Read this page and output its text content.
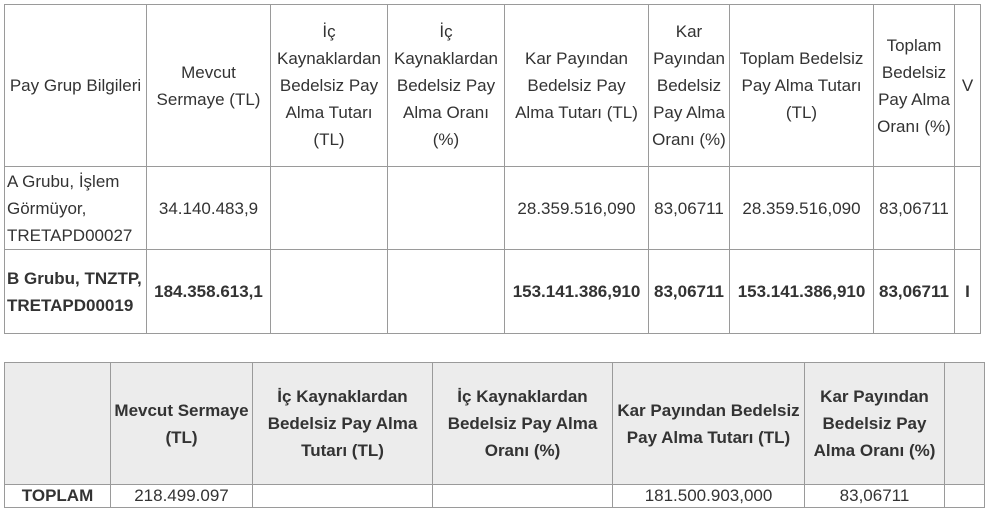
Pay Grup Bilgileri	Mevcut Sermaye (TL)	İç Kaynaklardan Bedelsiz Pay Alma Tutarı (TL)	İç Kaynaklardan Bedelsiz Pay Alma Oranı (%)	Kar Payından Bedelsiz Pay Alma Tutarı (TL)	Kar Payından Bedelsiz Pay Alma Oranı (%)	Toplam Bedelsiz Pay Alma Tutarı (TL)	Toplam Bedelsiz Pay Alma Oranı (%)	V
A Grubu, İşlem Görmüyor, TRETAPD00027	34.140.483,9			28.359.516,090	83,06711	28.359.516,090	83,06711	
B Grubu, TNZTP, TRETAPD00019	184.358.613,1			153.141.386,910	83,06711	153.141.386,910	83,06711	I
	Mevcut Sermaye (TL)	İç Kaynaklardan Bedelsiz Pay Alma Tutarı (TL)	İç Kaynaklardan Bedelsiz Pay Alma Oranı (%)	Kar Payından Bedelsiz Pay Alma Tutarı (TL)	Kar Payından Bedelsiz Pay Alma Oranı (%)	
TOPLAM	218.499.097			181.500.903,000	83,06711	
